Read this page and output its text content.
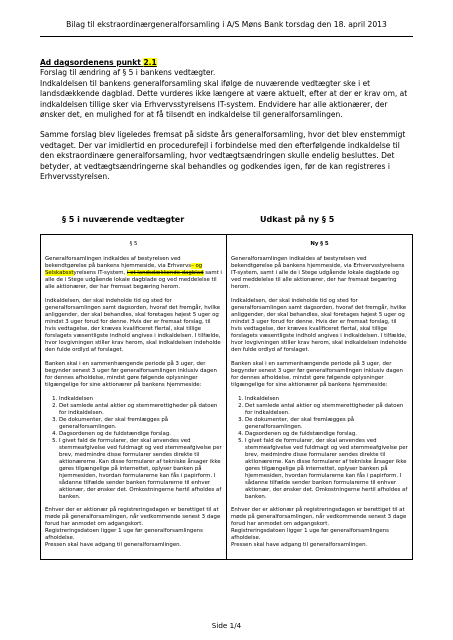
Bilag til ekstraordinærgeneralforsamling i A/S Møns Bank torsdag den 18. april 2013
Ad dagsordenens punkt 2.1

Forslag til ændring af § 5 i bankens vedtægter.
Indkaldelsen til bankens generalforsamling skal ifølge de nuværende vedtægter ske i et landsdækkende dagblad. Dette vurderes ikke længere at være aktuelt, efter at der er krav om, at indkaldelsen tillige sker via Erhvervsstyrelsens IT-system. Endvidere har alle aktionærer, der ønsker det, en mulighed for at få tilsendt en indkaldelse til generalforsamlingen.

Samme forslag blev ligeledes fremsat på sidste års generalforsamling, hvor det blev enstemmigt vedtaget. Der var imidlertid en procedurefejl i forbindelse med den efterfølgende indkaldelse til den ekstraordinære generalforsamling, hvor vedtægtsændringen skulle endelig besluttes. Det betyder, at vedtægtsændringerne skal behandles og godkendes igen, før de kan registreres i Erhvervsstyrelsen.

§ 5 i nuværende vedtægter	Udkast på ny § 5
§ 5

Generalforsamlingen indkaldes af bestyrelsen ved bekendtgørelse på bankens hjemmeside, via Erhvervs– og Selskabsstyrelsens IT-system, i et landsdækkende dagblad samt i alle de i Stege udgående lokale dagblade og ved meddelelse til alle aktionærer, der har fremsat begæring herom.

Indkaldelsen, der skal indeholde tid og sted for generalforsamlingen samt dagsorden, hvoraf det fremgår, hvilke anliggender, der skal behandles, skal foretages højest 5 uger og mindst 3 uger forud for denne. Hvis der er fremsat forslag, til hvis vedtagelse, der kræves kvalificeret flertal, skal tillige forslagets væsentligste indhold angives i indkaldelsen. I tilfælde, hvor lovgivningen stiller krav herom, skal indkaldelsen indeholde den fulde ordlyd af forslaget.

Banken skal i en sammenhængende periode på 3 uger, der begynder senest 3 uger før generalforsamlingen inklusiv dagen for dennes afholdelse, mindst gøre følgende oplysninger tilgængelige for sine aktionærer på bankens hjemmeside:

1. Indkaldelsen
2. Det samlede antal aktier og stemmerettigheder på datoen for indkaldelsen.
3. De dokumenter, der skal fremlægges på generalforsamlingen.
4. Dagsordenen og de fuldstændige forslag.
5. I givet fald de formularer, der skal anvendes ved stemmeafgivelse ved fuldmagt og ved stemmeafgivelse per brev, medmindre disse formularer sendes direkte til aktionærerne. Kan disse formularer af tekniske årsager ikke gøres tilgængelige på internettet, oplyser banken på hjemmesiden, hvordan formularerne kan fås i papirform. I sådanne tilfælde sender banken formularerne til enhver aktionær, der ønsker det. Omkostningerne hertil afholdes af banken.

Enhver der er aktionær på registreringsdagen er berettiget til at møde på generalforsamlingen, når vedkommende senest 3 dage forud har anmodet om adgangskort.
Registreringsdatoen ligger 1 uge før generalforsamlingens afholdelse.
Pressen skal have adgang til generalforsamlingen.

Ny § 5

Generalforsamlingen indkaldes af bestyrelsen ved bekendtgørelse på bankens hjemmeside, via Erhvervsstyrelsens IT-system, samt i alle de i Stege udgående lokale dagblade og ved meddelelse til alle aktionærer, der har fremsat begæring herom.

Indkaldelsen, der skal indeholde tid og sted for generalforsamlingen samt dagsorden, hvoraf det fremgår, hvilke anliggender, der skal behandles, skal foretages højest 5 uger og mindst 3 uger forud for denne. Hvis der er fremsat forslag, til hvis vedtagelse, der kræves kvalificeret flertal, skal tillige forslagets væsentligste indhold angives i indkaldelsen. I tilfælde, hvor lovgivningen stiller krav herom, skal indkaldelsen indeholde den fulde ordlyd af forslaget.

Banken skal i en sammenhængende periode på 3 uger, der begynder senest 3 uger før generalforsamlingen inklusiv dagen for dennes afholdelse, mindst gøre følgende oplysninger tilgængelige for sine aktionærer på bankens hjemmeside:

1. Indkaldelsen
2. Det samlede antal aktier og stemmerettigheder på datoen for indkaldelsen.
3. De dokumenter, der skal fremlægges på generalforsamlingen.
4. Dagsordenen og de fuldstændige forslag.
5. I givet fald de formularer, der skal anvendes ved stemmeafgivelse ved fuldmagt og ved stemmeafgivelse per brev, medmindre disse formularer sendes direkte til aktionærerne. Kan disse formularer af tekniske årsager ikke gøres tilgængelige på internettet, oplyser banken på hjemmesiden, hvordan formularerne kan fås i papirform. I sådanne tilfælde sender banken formularerne til enhver aktionær, der ønsker det. Omkostningerne hertil afholdes af banken.

Enhver der er aktionær på registreringsdagen er berettiget til at møde på generalforsamlingen, når vedkommende senest 3 dage forud har anmodet om adgangskort.
Registreringsdatoen ligger 1 uge før generalforsamlingens afholdelse.
Pressen skal have adgang til generalforsamlingen.

Side 1/4
